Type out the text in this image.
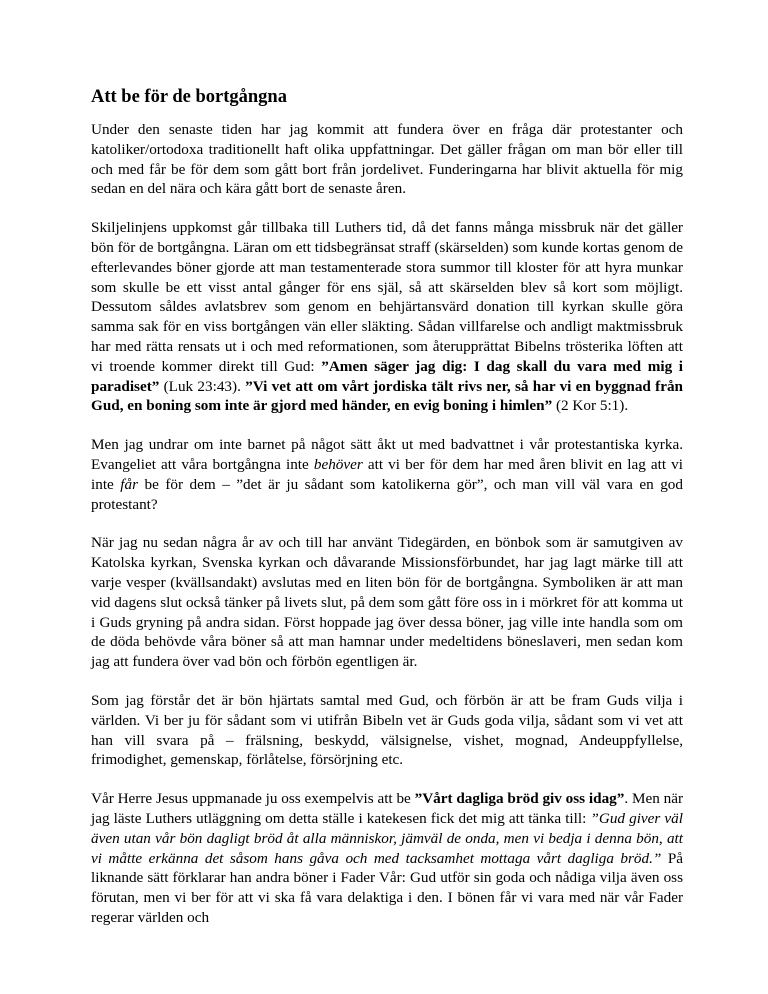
Att be för de bortgångna

Under den senaste tiden har jag kommit att fundera över en fråga där protestanter och katoliker/ortodoxa traditionellt haft olika uppfattningar. Det gäller frågan om man bör eller till och med får be för dem som gått bort från jordelivet. Funderingarna har blivit aktuella för mig sedan en del nära och kära gått bort de senaste åren.

Skiljelinjens uppkomst går tillbaka till Luthers tid, då det fanns många missbruk när det gäller bön för de bortgångna. Läran om ett tidsbegränsat straff (skärselden) som kunde kortas genom de efterlevandes böner gjorde att man testamenterade stora summor till kloster för att hyra munkar som skulle be ett visst antal gånger för ens själ, så att skärselden blev så kort som möjligt. Dessutom såldes avlatsbrev som genom en behjärtansvärd donation till kyrkan skulle göra samma sak för en viss bortgången vän eller släkting. Sådan villfarelse och andligt maktmissbruk har med rätta rensats ut i och med reformationen, som återupprättat Bibelns trösterika löften att vi troende kommer direkt till Gud: ”Amen säger jag dig: I dag skall du vara med mig i paradiset” (Luk 23:43). ”Vi vet att om vårt jordiska tält rivs ner, så har vi en byggnad från Gud, en boning som inte är gjord med händer, en evig boning i himlen” (2 Kor 5:1).

Men jag undrar om inte barnet på något sätt åkt ut med badvattnet i vår protestantiska kyrka. Evangeliet att våra bortgångna inte behöver att vi ber för dem har med åren blivit en lag att vi inte får be för dem – ”det är ju sådant som katolikerna gör”, och man vill väl vara en god protestant?

När jag nu sedan några år av och till har använt Tidegärden, en bönbok som är samutgiven av Katolska kyrkan, Svenska kyrkan och dåvarande Missionsförbundet, har jag lagt märke till att varje vesper (kvällsandakt) avslutas med en liten bön för de bortgångna. Symboliken är att man vid dagens slut också tänker på livets slut, på dem som gått före oss in i mörkret för att komma ut i Guds gryning på andra sidan. Först hoppade jag över dessa böner, jag ville inte handla som om de döda behövde våra böner så att man hamnar under medeltidens böneslaveri, men sedan kom jag att fundera över vad bön och förbön egentligen är.

Som jag förstår det är bön hjärtats samtal med Gud, och förbön är att be fram Guds vilja i världen. Vi ber ju för sådant som vi utifrån Bibeln vet är Guds goda vilja, sådant som vi vet att han vill svara på – frälsning, beskydd, välsignelse, vishet, mognad, Andeuppfyllelse, frimodighet, gemenskap, förlåtelse, försörjning etc.

Vår Herre Jesus uppmanade ju oss exempelvis att be ”Vårt dagliga bröd giv oss idag”. Men när jag läste Luthers utläggning om detta ställe i katekesen fick det mig att tänka till: ”Gud giver väl även utan vår bön dagligt bröd åt alla människor, jämväl de onda, men vi bedja i denna bön, att vi måtte erkänna det såsom hans gåva och med tacksamhet mottaga vårt dagliga bröd.” På liknande sätt förklarar han andra böner i Fader Vår: Gud utför sin goda och nådiga vilja även oss förutan, men vi ber för att vi ska få vara delaktiga i den. I bönen får vi vara med när vår Fader regerar världen och
